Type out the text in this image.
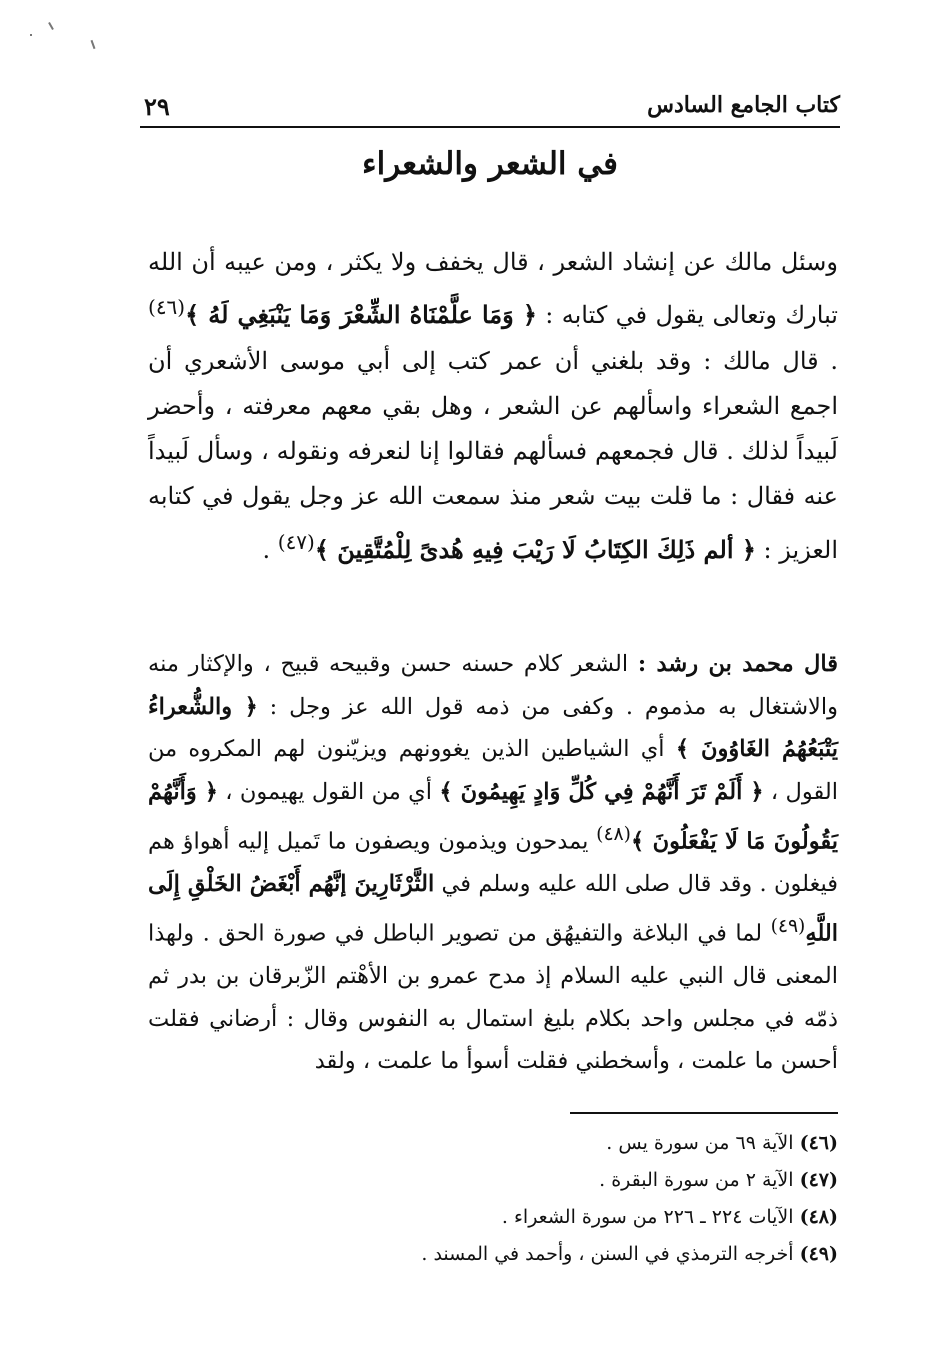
٢٩	كتاب الجامع السادس
في الشعر والشعراء
وسئل مالك عن إنشاد الشعر ، قال يخفف ولا يكثر ، ومن عيبه أن الله تبارك وتعالى يقول في كتابه : ﴿ وَمَا علَّمْنَاهُ الشِّعْرَ وَمَا يَنْبَغِي لَهُ ﴾$^{(٤٦)}$ . قال مالك : وقد بلغني أن عمر كتب إلى أبي موسى الأشعري أن اجمع الشعراء واسألهم عن الشعر ، وهل بقي معهم معرفته ، وأحضر لَبيداً لذلك . قال فجمعهم فسألهم فقالوا إنا لنعرفه ونقوله ، وسأل لَبيداً عنه فقال : ما قلت بيت شعر منذ سمعت الله عز وجل يقول في كتابه العزيز : ﴿ ألم ذَلِكَ الكِتَابُ لَا رَيْبَ فِيهِ هُدىً لِلْمُتَّقِينَ ﴾$^{(٤٧)}$ .
قال محمد بن رشد : الشعر كلام حسنه حسن وقبيحه قبيح ، والإكثار منه والاشتغال به مذموم . وكفى من ذمه قول الله عز وجل : ﴿ والشُّعراءُ يَتْبَعُهُمُ الغَاوُونَ ﴾ أي الشياطين الذين يغوونهم ويزيّنون لهم المكروه من القول ، ﴿ أَلَمْ تَرَ أَنَّهُمْ فِي كُلِّ وَادٍ يَهِيمُونَ ﴾ أي من القول يهيمون ، ﴿ وَأَنَّهُمْ يَقُولُونَ مَا لَا يَفْعَلُونَ ﴾$^{(٤٨)}$ يمدحون ويذمون ويصفون ما تَميل إليه أهواؤ هم فيغلون . وقد قال صلى الله عليه وسلم في الثَّرْثَارِينَ إنَّهُم أَبْغَضُ الخَلْقِ إِلَى اللَّهِ$^{(٤٩)}$ لما في البلاغة والتفيهُق من تصوير الباطل في صورة الحق . ولهذا المعنى قال النبي عليه السلام إذ مدح عمرو بن الأهْتم الزّبرقان بن بدر ثم ذمّه في مجلس واحد بكلام بليغ استمال به النفوس وقال : أرضاني فقلت أحسن ما علمت ، وأسخطني فقلت أسوأ ما علمت ، ولقد
(٤٦) الآية ٦٩ من سورة يس .
(٤٧) الآية ٢ من سورة البقرة .
(٤٨) الآيات ٢٢٤ ـ ٢٢٦ من سورة الشعراء .
(٤٩) أخرجه الترمذي في السنن ، وأحمد في المسند .
